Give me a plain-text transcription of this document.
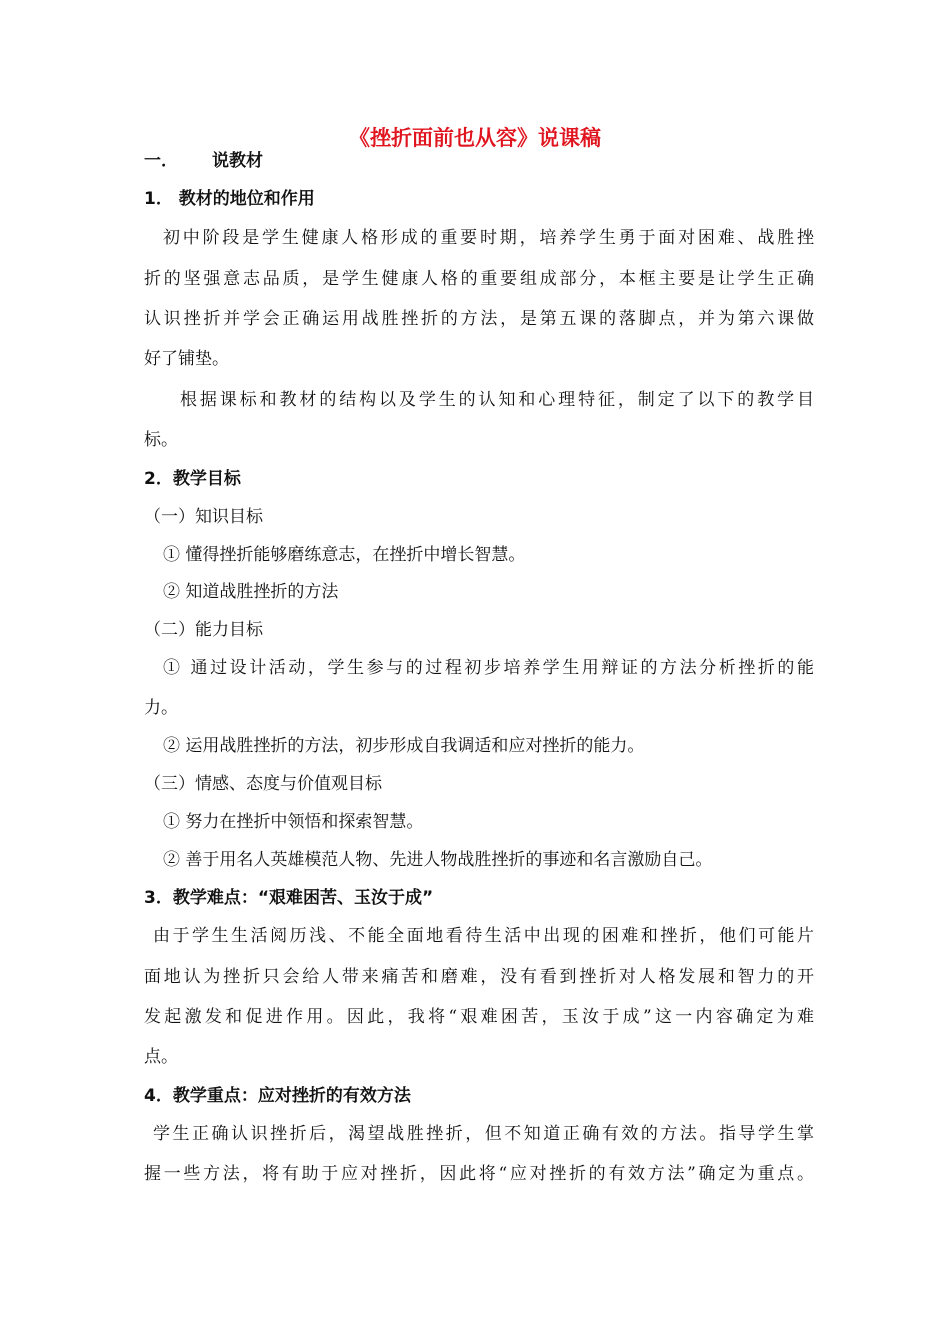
《挫折面前也从容》说课稿
一． 说教材
1． 教材的地位和作用
初中阶段是学生健康人格形成的重要时期，培养学生勇于面对困难、战胜挫
折的坚强意志品质，是学生健康人格的重要组成部分，本框主要是让学生正确
认识挫折并学会正确运用战胜挫折的方法，是第五课的落脚点，并为第六课做
好了铺垫。
根据课标和教材的结构以及学生的认知和心理特征，制定了以下的教学目
标。
2．教学目标
（一）知识目标
① 懂得挫折能够磨练意志，在挫折中增长智慧。
② 知道战胜挫折的方法
（二）能力目标
① 通过设计活动，学生参与的过程初步培养学生用辩证的方法分析挫折的能
力。
② 运用战胜挫折的方法，初步形成自我调适和应对挫折的能力。
（三）情感、态度与价值观目标
① 努力在挫折中领悟和探索智慧。
② 善于用名人英雄模范人物、先进人物战胜挫折的事迹和名言激励自己。
3．教学难点：“艰难困苦、玉汝于成”
由于学生生活阅历浅、不能全面地看待生活中出现的困难和挫折，他们可能片
面地认为挫折只会给人带来痛苦和磨难，没有看到挫折对人格发展和智力的开
发起激发和促进作用。因此，我将“艰难困苦，玉汝于成”这一内容确定为难
点。
4．教学重点：应对挫折的有效方法
学生正确认识挫折后，渴望战胜挫折，但不知道正确有效的方法。指导学生掌
握一些方法，将有助于应对挫折，因此将“应对挫折的有效方法”确定为重点。
